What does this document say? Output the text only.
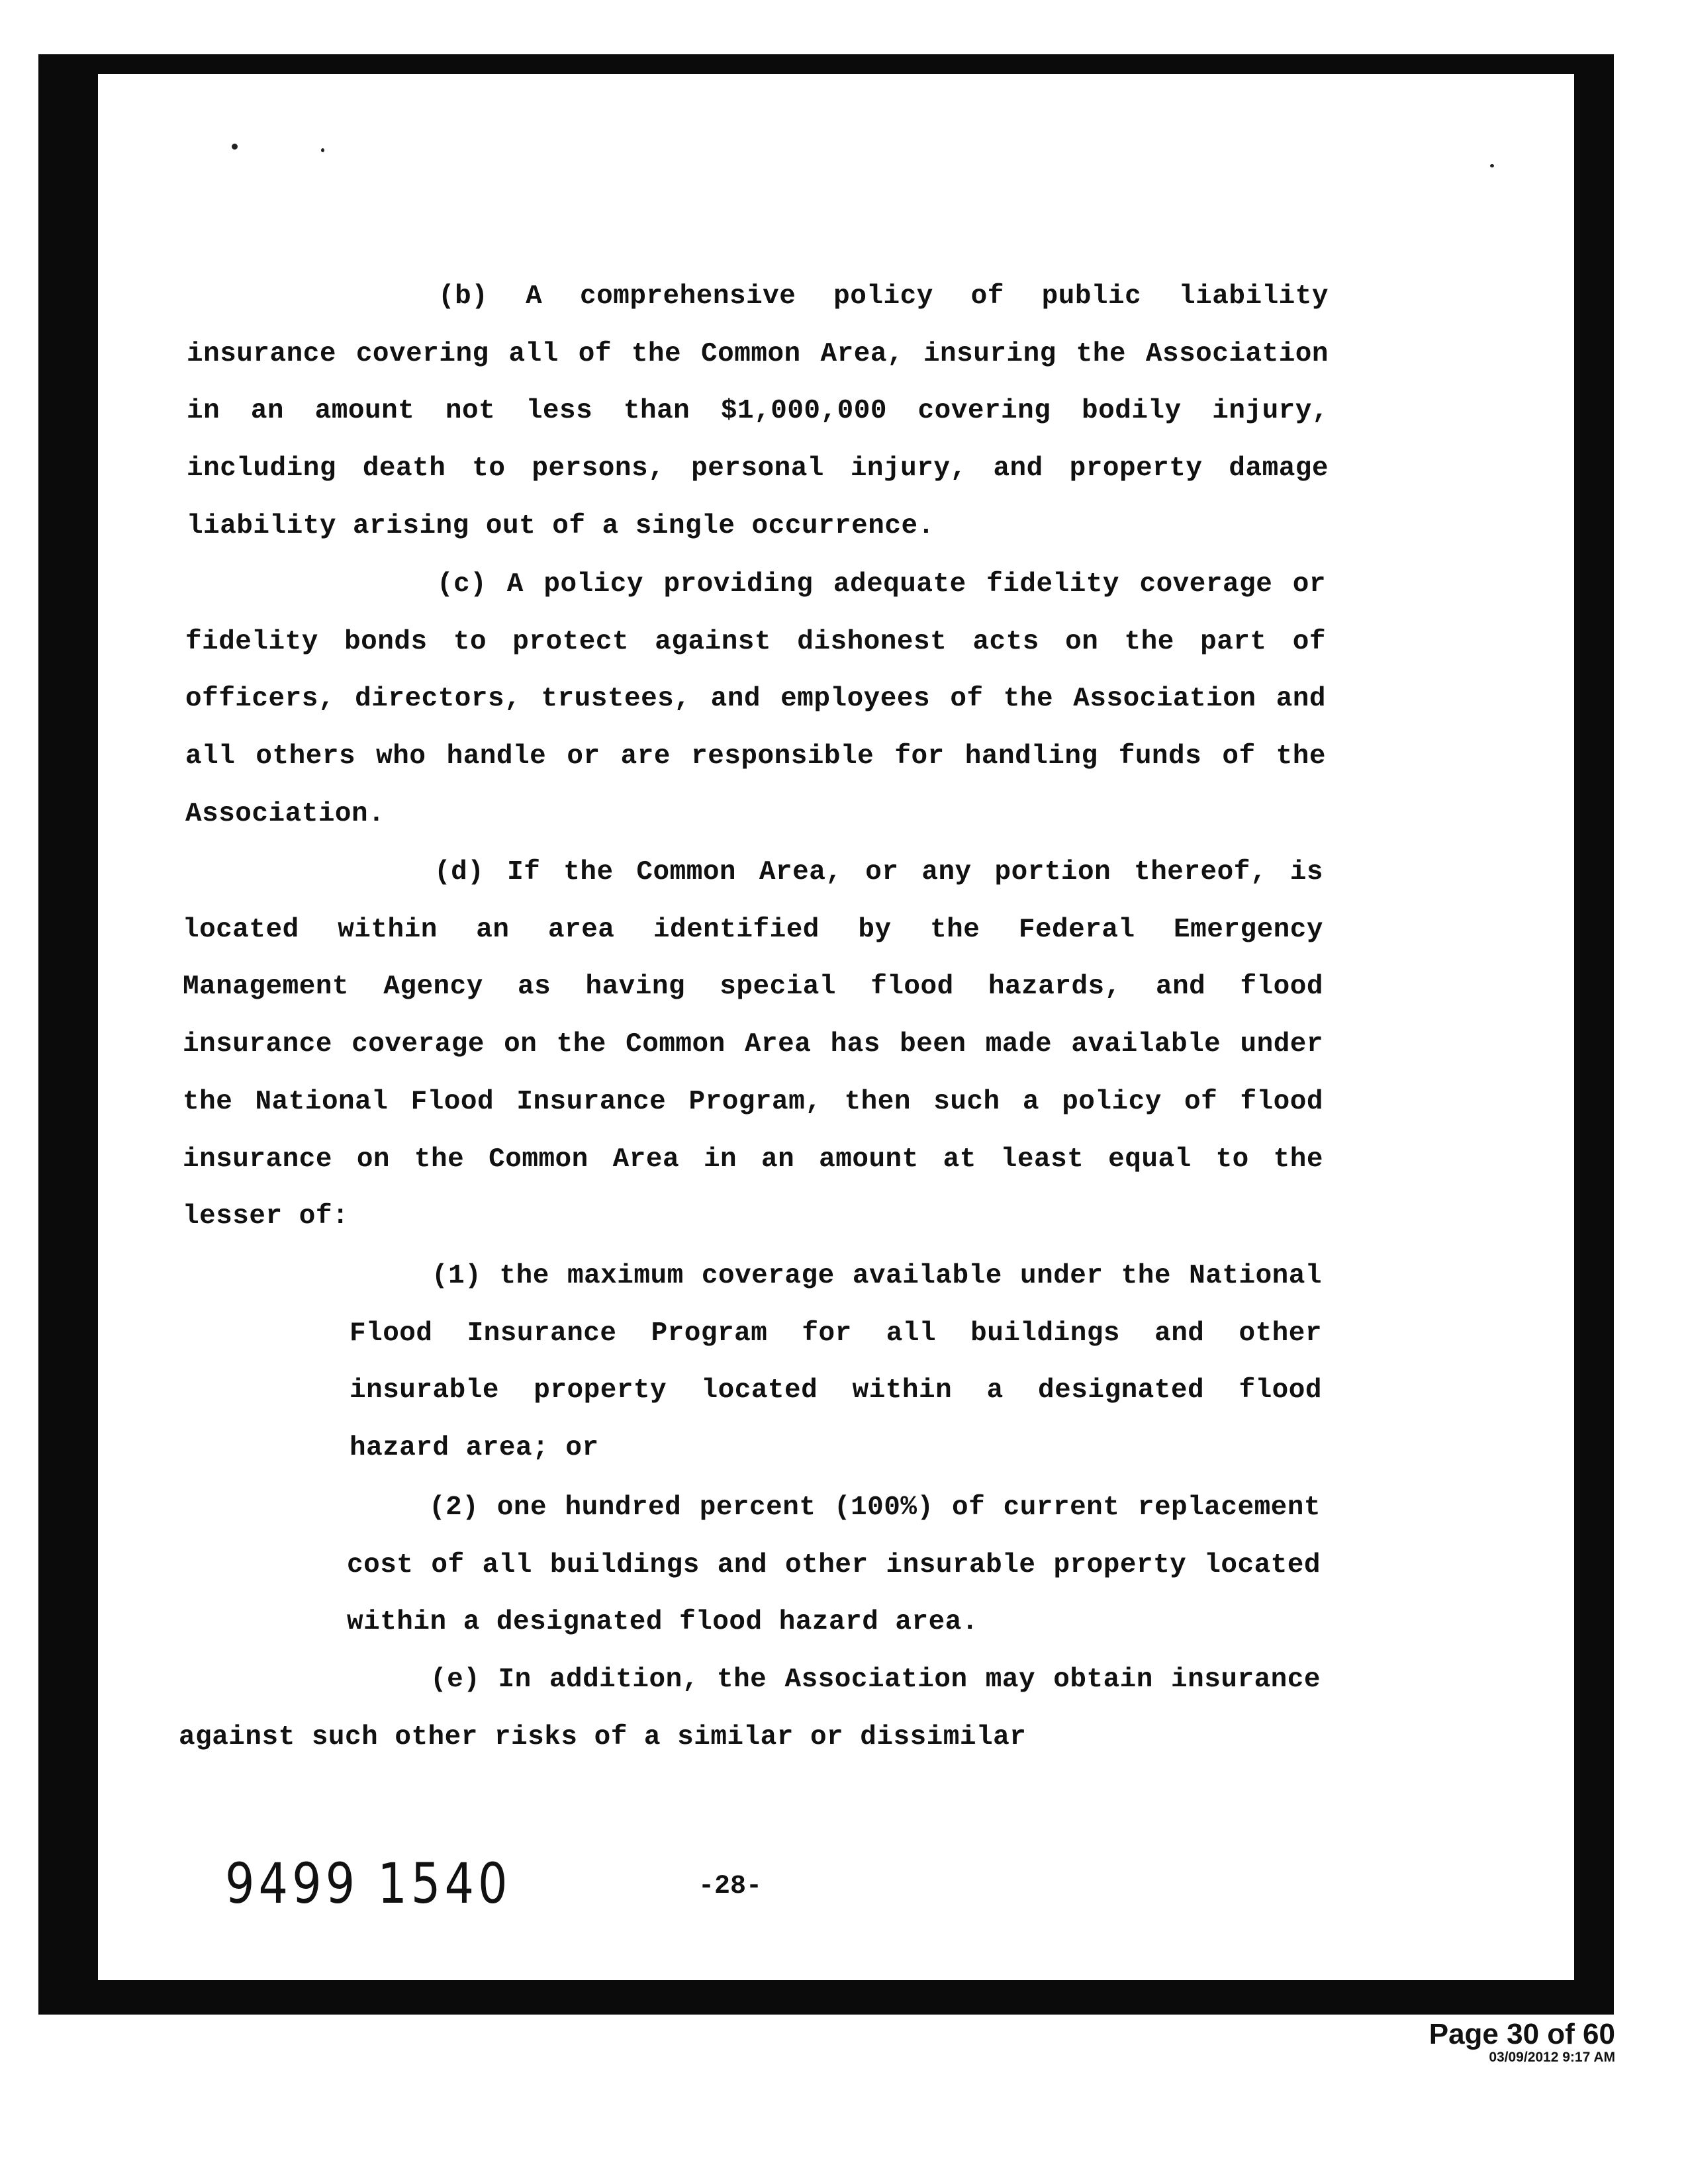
(b) A comprehensive policy of public liability insurance covering all of the Common Area, insuring the Association in an amount not less than $1,000,000 covering bodily injury, including death to persons, personal injury, and property damage liability arising out of a single occurrence.

(c) A policy providing adequate fidelity coverage or fidelity bonds to protect against dishonest acts on the part of officers, directors, trustees, and employees of the Association and all others who handle or are responsible for handling funds of the Association.

(d) If the Common Area, or any portion thereof, is located within an area identified by the Federal Emergency Management Agency as having special flood hazards, and flood insurance coverage on the Common Area has been made available under the National Flood Insurance Program, then such a policy of flood insurance on the Common Area in an amount at least equal to the lesser of:

(1) the maximum coverage available under the National Flood Insurance Program for all buildings and other insurable property located within a designated flood hazard area; or

(2) one hundred percent (100%) of current replacement cost of all buildings and other insurable property located within a designated flood hazard area.

(e) In addition, the Association may obtain insurance against such other risks of a similar or dissimilar

9499 1540	-28-
Page 30 of 60
03/09/2012 9:17 AM
